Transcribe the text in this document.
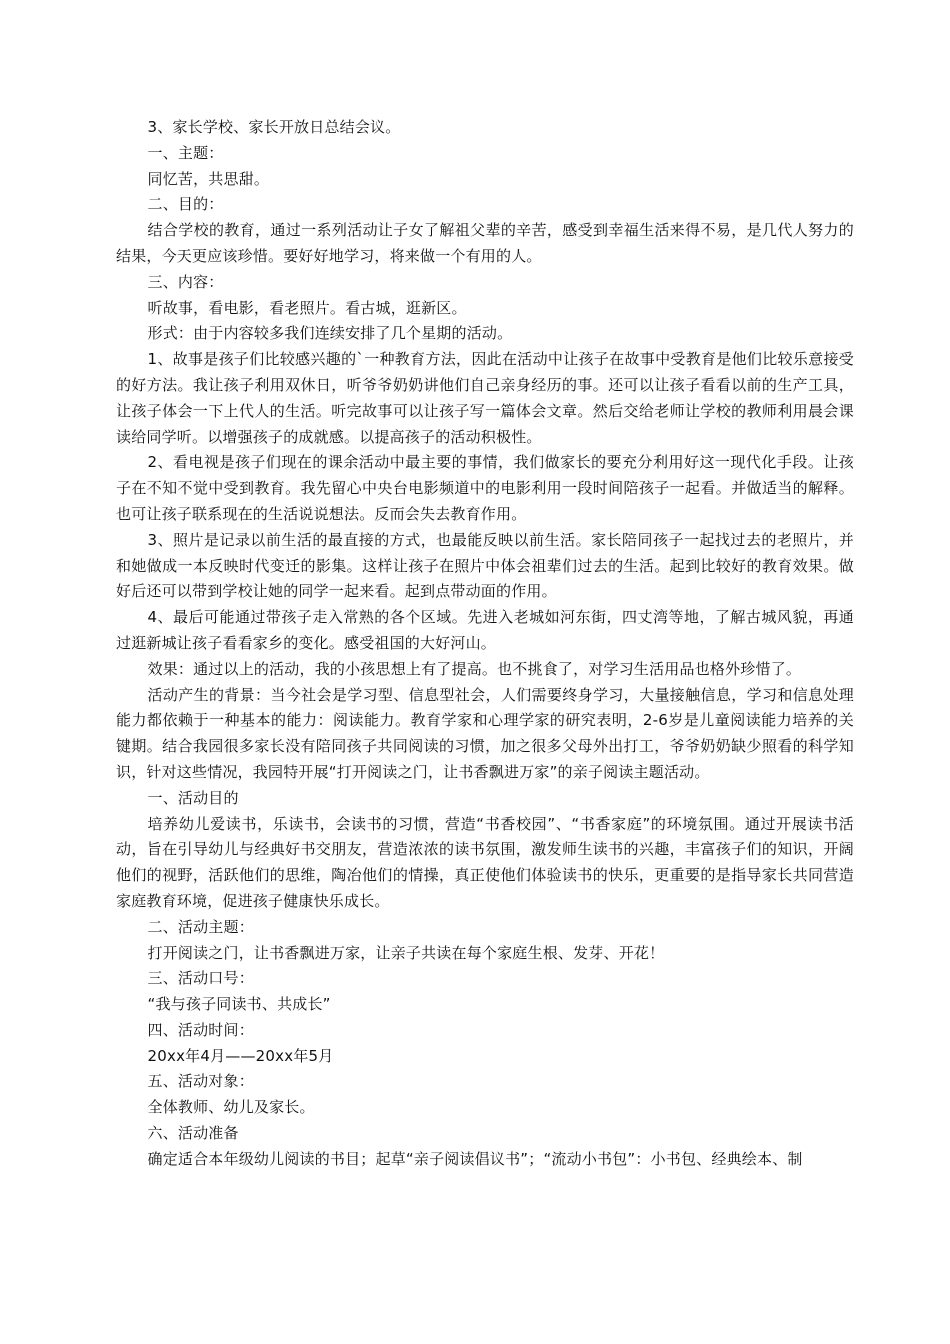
3、家长学校、家长开放日总结会议。

一、主题：

同忆苦，共思甜。

二、目的：

结合学校的教育，通过一系列活动让子女了解祖父辈的辛苦，感受到幸福生活来得不易，是几代人努力的结果，今天更应该珍惜。要好好地学习，将来做一个有用的人。

三、内容：

听故事，看电影，看老照片。看古城，逛新区。

形式：由于内容较多我们连续安排了几个星期的活动。

1、故事是孩子们比较感兴趣的`一种教育方法，因此在活动中让孩子在故事中受教育是他们比较乐意接受的好方法。我让孩子利用双休日，听爷爷奶奶讲他们自己亲身经历的事。还可以让孩子看看以前的生产工具，让孩子体会一下上代人的生活。听完故事可以让孩子写一篇体会文章。然后交给老师让学校的教师利用晨会课读给同学听。以增强孩子的成就感。以提高孩子的活动积极性。

2、看电视是孩子们现在的课余活动中最主要的事情，我们做家长的要充分利用好这一现代化手段。让孩子在不知不觉中受到教育。我先留心中央台电影频道中的电影利用一段时间陪孩子一起看。并做适当的解释。也可让孩子联系现在的生活说说想法。反而会失去教育作用。

3、照片是记录以前生活的最直接的方式，也最能反映以前生活。家长陪同孩子一起找过去的老照片，并和她做成一本反映时代变迁的影集。这样让孩子在照片中体会祖辈们过去的生活。起到比较好的教育效果。做好后还可以带到学校让她的同学一起来看。起到点带动面的作用。

4、最后可能通过带孩子走入常熟的各个区域。先进入老城如河东街，四丈湾等地，了解古城风貌，再通过逛新城让孩子看看家乡的变化。感受祖国的大好河山。

效果：通过以上的活动，我的小孩思想上有了提高。也不挑食了，对学习生活用品也格外珍惜了。

活动产生的背景：当今社会是学习型、信息型社会，人们需要终身学习，大量接触信息，学习和信息处理能力都依赖于一种基本的能力：阅读能力。教育学家和心理学家的研究表明，2-6岁是儿童阅读能力培养的关键期。结合我园很多家长没有陪同孩子共同阅读的习惯，加之很多父母外出打工，爷爷奶奶缺少照看的科学知识，针对这些情况，我园特开展“打开阅读之门，让书香飘进万家”的亲子阅读主题活动。

一、活动目的

培养幼儿爱读书，乐读书，会读书的习惯，营造“书香校园”、“书香家庭”的环境氛围。通过开展读书活动，旨在引导幼儿与经典好书交朋友，营造浓浓的读书氛围，激发师生读书的兴趣，丰富孩子们的知识，开阔他们的视野，活跃他们的思维，陶冶他们的情操，真正使他们体验读书的快乐，更重要的是指导家长共同营造家庭教育环境，促进孩子健康快乐成长。

二、活动主题：

打开阅读之门，让书香飘进万家，让亲子共读在每个家庭生根、发芽、开花！

三、活动口号：

“我与孩子同读书、共成长”

四、活动时间：

20xx年4月——20xx年5月

五、活动对象：

全体教师、幼儿及家长。

六、活动准备

确定适合本年级幼儿阅读的书目；起草“亲子阅读倡议书”；“流动小书包”：小书包、经典绘本、制
